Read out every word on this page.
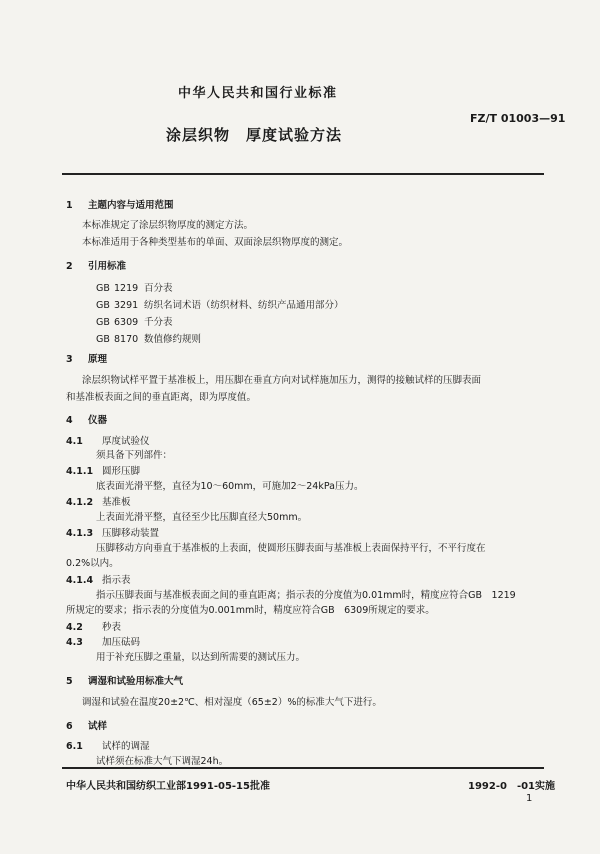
中华人民共和国行业标准
FZ/T 01003—91
涂层织物　厚度试验方法
1 主题内容与适用范围
本标准规定了涂层织物厚度的测定方法。
本标准适用于各种类型基布的单面、双面涂层织物厚度的测定。
2 引用标准
GB 1219 百分表
GB 3291 纺织名词术语（纺织材料、纺织产品通用部分）
GB 6309 千分表
GB 8170 数值修约规则
3 原理
涂层织物试样平置于基准板上，用压脚在垂直方向对试样施加压力，测得的接触试样的压脚表面
和基准板表面之间的垂直距离，即为厚度值。
4 仪器
4.1 厚度试验仪
须具备下列部件：
4.1.1 圆形压脚
底表面光滑平整，直径为10～60mm，可施加2～24kPa压力。
4.1.2 基准板
上表面光滑平整，直径至少比压脚直径大50mm。
4.1.3 压脚移动装置
压脚移动方向垂直于基准板的上表面，使圆形压脚表面与基准板上表面保持平行，不平行度在
0.2%以内。
4.1.4 指示表
指示压脚表面与基准板表面之间的垂直距离；指示表的分度值为0.01mm时，精度应符合GB　1219
所规定的要求；指示表的分度值为0.001mm时，精度应符合GB　6309所规定的要求。
4.2 秒表
4.3 加压砝码
用于补充压脚之重量，以达到所需要的测试压力。
5 调湿和试验用标准大气
调湿和试验在温度20±2℃、相对湿度（65±2）%的标准大气下进行。
6 试样
6.1 试样的调湿
试样须在标准大气下调湿24h。
中华人民共和国纺织工业部1991-05-15批准	1992-0　-01实施
1
